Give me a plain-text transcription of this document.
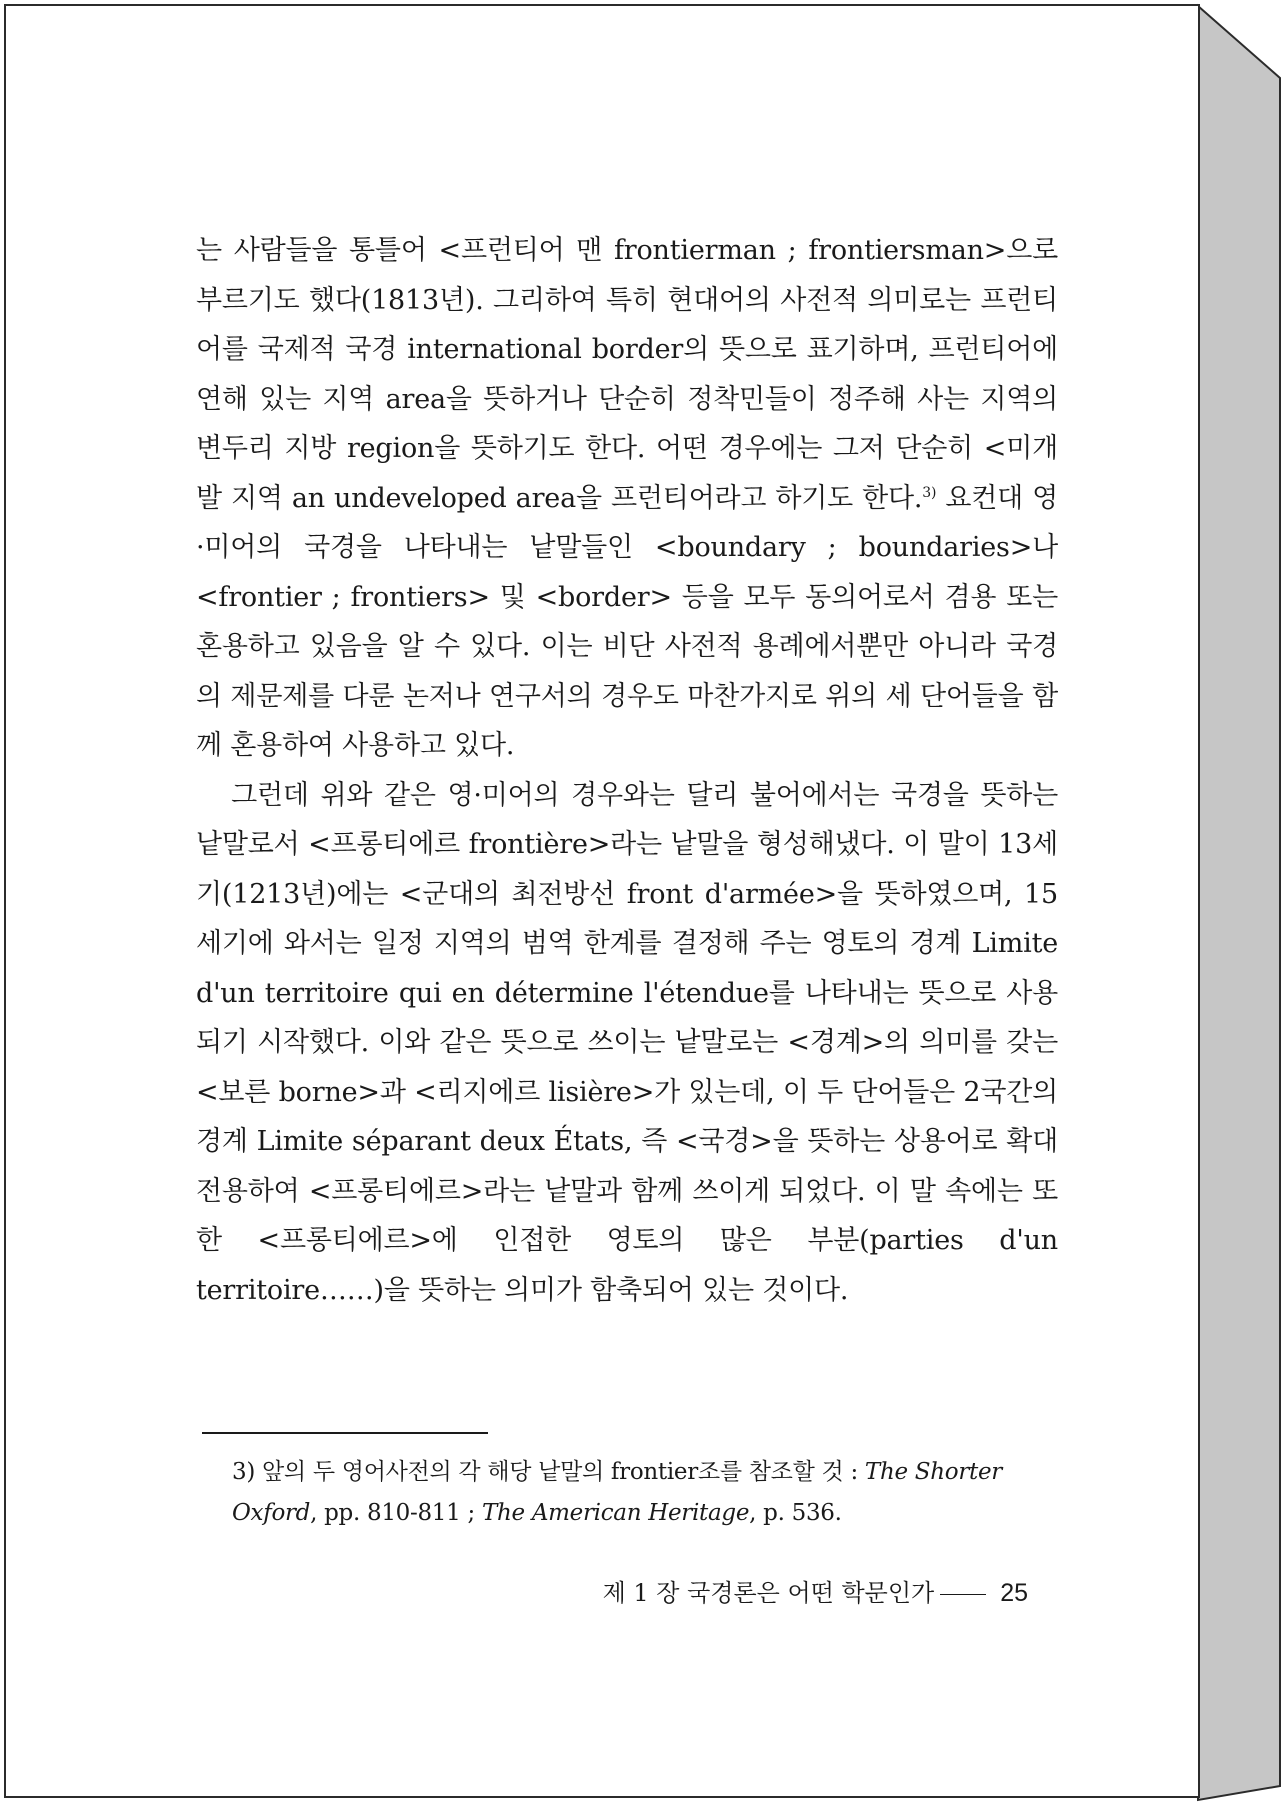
는 사람들을 통틀어 <프런티어 맨 frontierman ; frontiersman>으로 부르기도 했다(1813년). 그리하여 특히 현대어의 사전적 의미로는 프런티어를 국제적 국경 international border의 뜻으로 표기하며, 프런티어에 연해 있는 지역 area을 뜻하거나 단순히 정착민들이 정주해 사는 지역의 변두리 지방 region을 뜻하기도 한다. 어떤 경우에는 그저 단순히 <미개발 지역 an undeveloped area을 프런티어라고 하기도 한다.$^{3)}$ 요컨대 영·미어의 국경을 나타내는 낱말들인 <boundary ; boundaries>나 <frontier ; frontiers> 및 <border> 등을 모두 동의어로서 겸용 또는 혼용하고 있음을 알 수 있다. 이는 비단 사전적 용례에서뿐만 아니라 국경의 제문제를 다룬 논저나 연구서의 경우도 마찬가지로 위의 세 단어들을 함께 혼용하여 사용하고 있다.

그런데 위와 같은 영·미어의 경우와는 달리 불어에서는 국경을 뜻하는 낱말로서 <프롱티에르 frontière>라는 낱말을 형성해냈다. 이 말이 13세기(1213년)에는 <군대의 최전방선 front d'armée>을 뜻하였으며, 15세기에 와서는 일정 지역의 범역 한계를 결정해 주는 영토의 경계 Limite d'un territoire qui en détermine l'étendue를 나타내는 뜻으로 사용되기 시작했다. 이와 같은 뜻으로 쓰이는 낱말로는 <경계>의 의미를 갖는 <보른 borne>과 <리지에르 lisière>가 있는데, 이 두 단어들은 2국간의 경계 Limite séparant deux États, 즉 <국경>을 뜻하는 상용어로 확대 전용하여 <프롱티에르>라는 낱말과 함께 쓰이게 되었다. 이 말 속에는 또한 <프롱티에르>에 인접한 영토의 많은 부분(parties d'un territoire……)을 뜻하는 의미가 함축되어 있는 것이다.

3) 앞의 두 영어사전의 각 해당 낱말의 frontier조를 참조할 것 : The Shorter Oxford, pp. 810-811 ; The American Heritage, p. 536.
제 1 장 국경론은 어떤 학문인가	25
